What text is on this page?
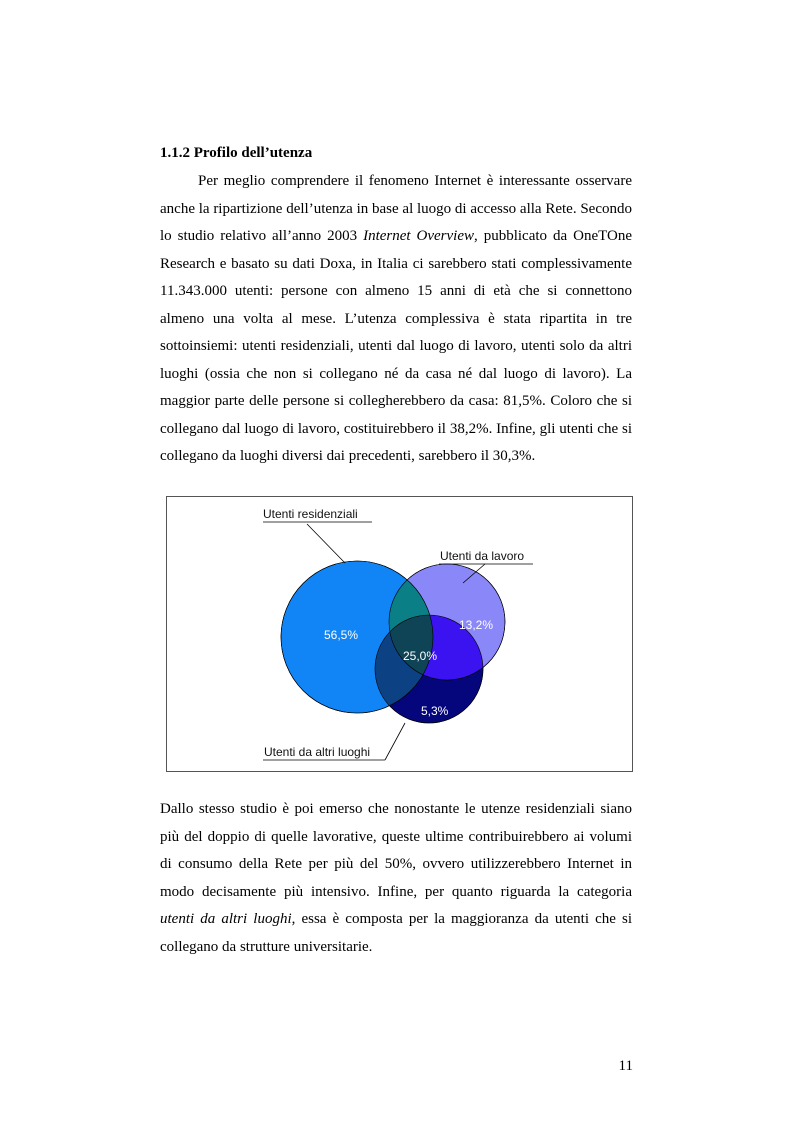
1.1.2 Profilo dell’utenza

Per meglio comprendere il fenomeno Internet è interessante osservare anche la ripartizione dell’utenza in base al luogo di accesso alla Rete. Secondo lo studio relativo all’anno 2003 Internet Overview, pubblicato da OneTOne Research e basato su dati Doxa, in Italia ci sarebbero stati complessivamente 11.343.000 utenti: persone con almeno 15 anni di età che si connettono almeno una volta al mese. L’utenza complessiva è stata ripartita in tre sottoinsiemi: utenti residenziali, utenti dal luogo di lavoro, utenti solo da altri luoghi (ossia che non si collegano né da casa né dal luogo di lavoro). La maggior parte delle persone si collegherebbero da casa: 81,5%. Coloro che si collegano dal luogo di lavoro, costituirebbero il 38,2%. Infine, gli utenti che si collegano da luoghi diversi dai precedenti, sarebbero il 30,3%.

Utenti residenziali
Utenti da lavoro
Utenti da altri luoghi
56,5%
13,2%
25,0%
5,3%

Dallo stesso studio è poi emerso che nonostante le utenze residenziali siano più del doppio di quelle lavorative, queste ultime contribuirebbero ai volumi di consumo della Rete per più del 50%, ovvero utilizzerebbero Internet in modo decisamente più intensivo. Infine, per quanto riguarda la categoria utenti da altri luoghi, essa è composta per la maggioranza da utenti che si collegano da strutture universitarie.

11
